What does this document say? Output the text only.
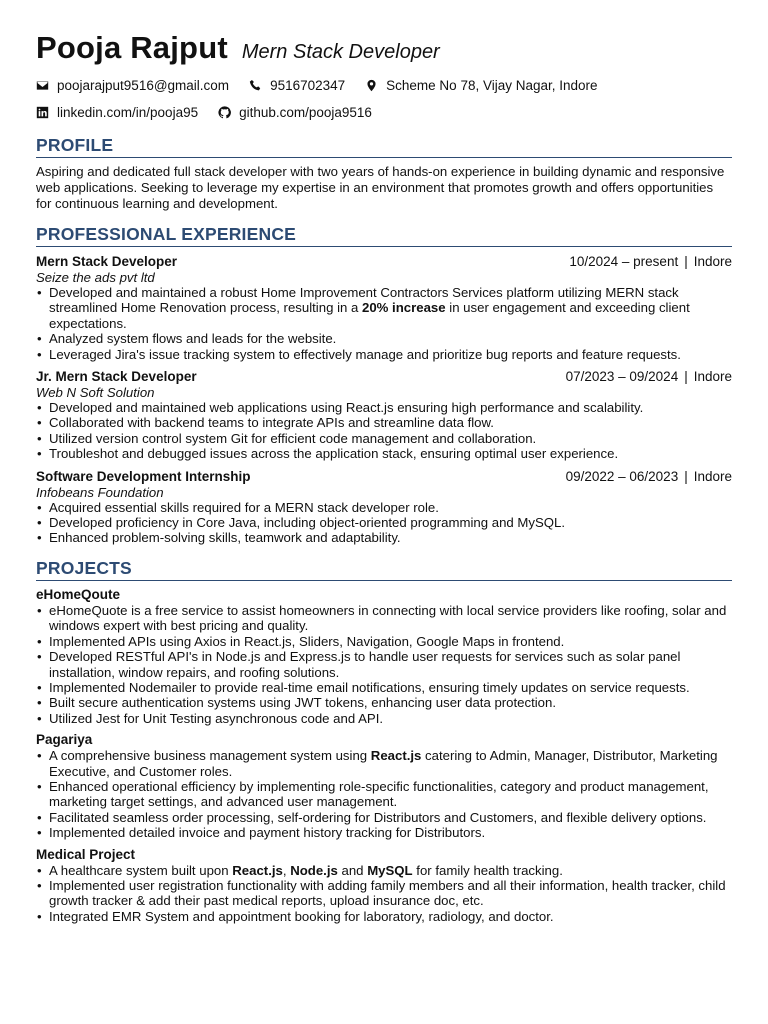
Pooja Rajput Mern Stack Developer
poojarajput9516@gmail.com	9516702347	Scheme No 78, Vijay Nagar, Indore
linkedin.com/in/pooja95	github.com/pooja9516
PROFILE
Aspiring and dedicated full stack developer with two years of hands-on experience in building dynamic and responsive web applications. Seeking to leverage my expertise in an environment that promotes growth and offers opportunities for continuous learning and development.
PROFESSIONAL EXPERIENCE
Mern Stack Developer	10/2024 – present | Indore
Seize the ads pvt ltd
• Developed and maintained a robust Home Improvement Contractors Services platform utilizing MERN stack streamlined Home Renovation process, resulting in a 20% increase in user engagement and exceeding client expectations.
• Analyzed system flows and leads for the website.
• Leveraged Jira's issue tracking system to effectively manage and prioritize bug reports and feature requests.
Jr. Mern Stack Developer	07/2023 – 09/2024 | Indore
Web N Soft Solution
• Developed and maintained web applications using React.js ensuring high performance and scalability.
• Collaborated with backend teams to integrate APIs and streamline data flow.
• Utilized version control system Git for efficient code management and collaboration.
• Troubleshot and debugged issues across the application stack, ensuring optimal user experience.
Software Development Internship	09/2022 – 06/2023 | Indore
Infobeans Foundation
• Acquired essential skills required for a MERN stack developer role.
• Developed proficiency in Core Java, including object-oriented programming and MySQL.
• Enhanced problem-solving skills, teamwork and adaptability.
PROJECTS
eHomeQoute
• eHomeQuote is a free service to assist homeowners in connecting with local service providers like roofing, solar and windows expert with best pricing and quality.
• Implemented APIs using Axios in React.js, Sliders, Navigation, Google Maps in frontend.
• Developed RESTful API's in Node.js and Express.js to handle user requests for services such as solar panel installation, window repairs, and roofing solutions.
• Implemented Nodemailer to provide real-time email notifications, ensuring timely updates on service requests.
• Built secure authentication systems using JWT tokens, enhancing user data protection.
• Utilized Jest for Unit Testing asynchronous code and API.
Pagariya
• A comprehensive business management system using React.js catering to Admin, Manager, Distributor, Marketing Executive, and Customer roles.
• Enhanced operational efficiency by implementing role-specific functionalities, category and product management, marketing target settings, and advanced user management.
• Facilitated seamless order processing, self-ordering for Distributors and Customers, and flexible delivery options.
• Implemented detailed invoice and payment history tracking for Distributors.
Medical Project
• A healthcare system built upon React.js, Node.js and MySQL for family health tracking.
• Implemented user registration functionality with adding family members and all their information, health tracker, child growth tracker & add their past medical reports, upload insurance doc, etc.
• Integrated EMR System and appointment booking for laboratory, radiology, and doctor.
